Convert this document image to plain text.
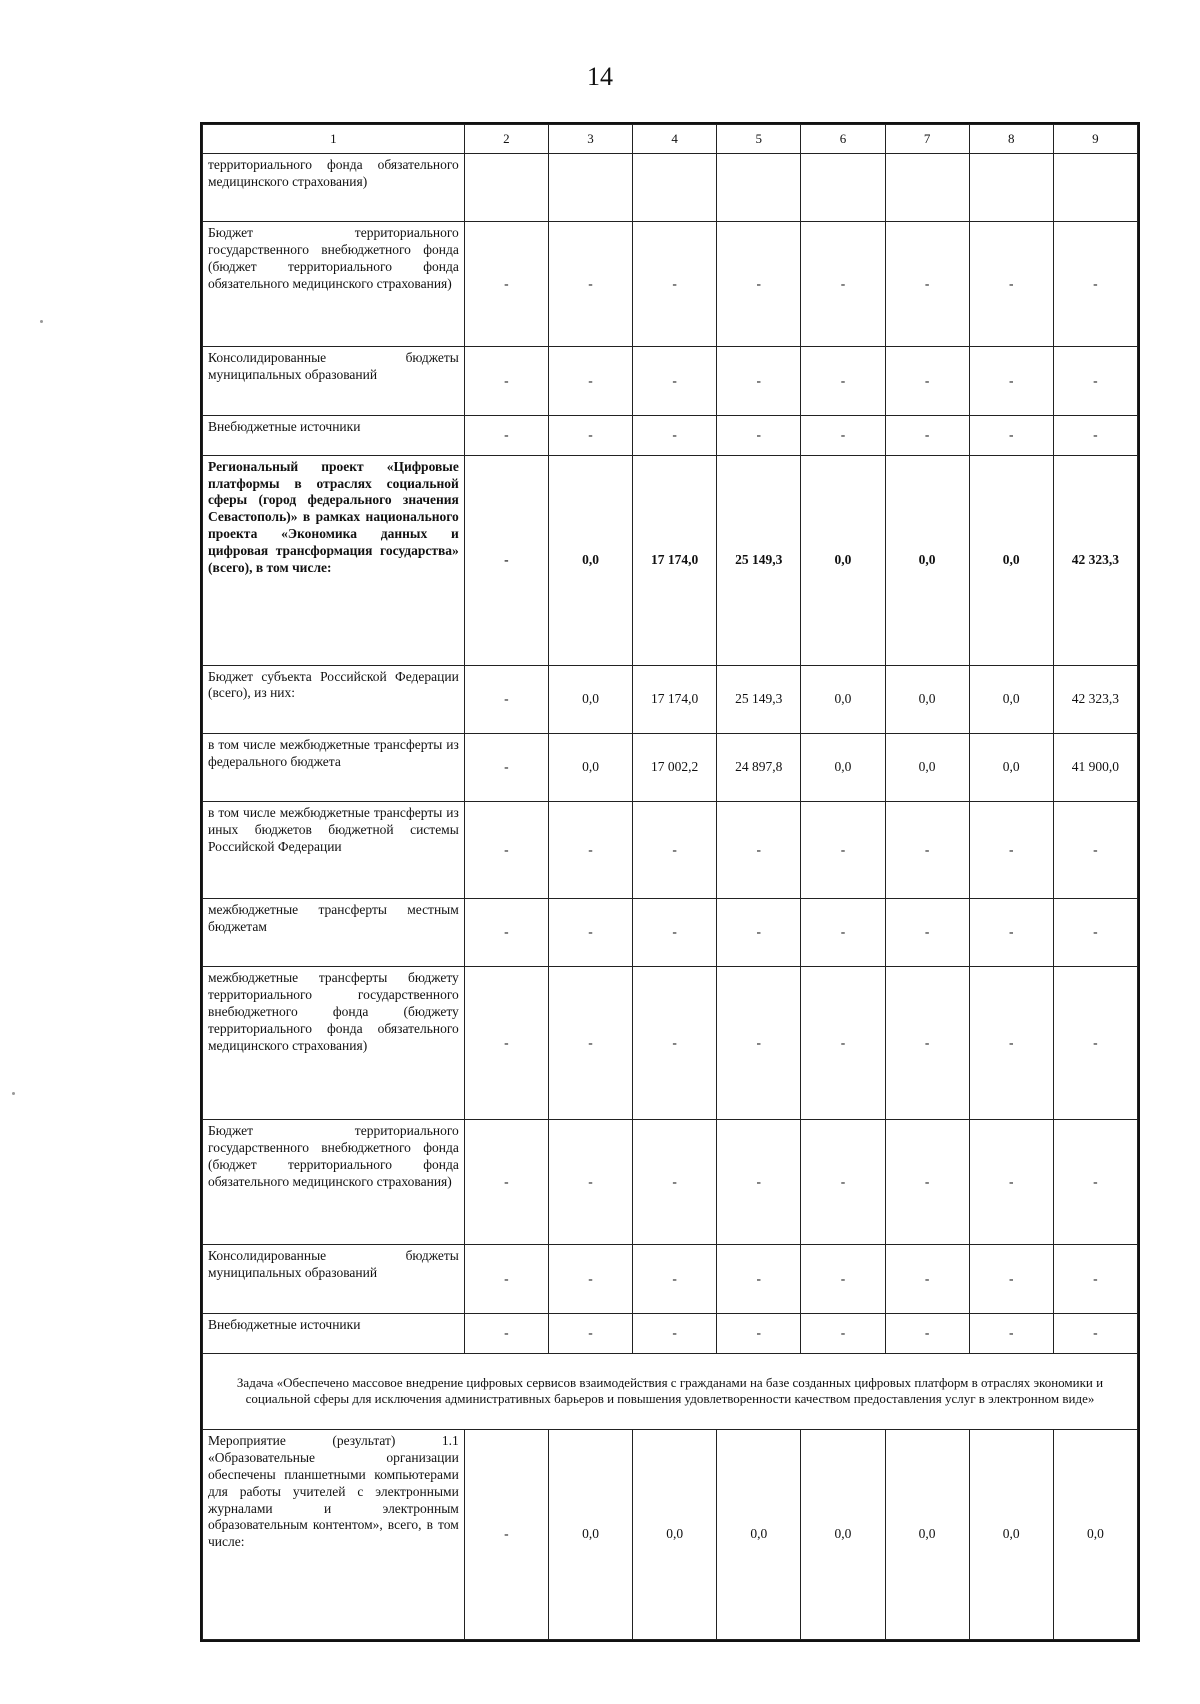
14
1	2	3	4	5	6	7	8	9
территориального фонда обязательного медицинского страхования)								
Бюджет территориального государственного внебюджетного фонда (бюджет территориального фонда обязательного медицинского страхования)	-	-	-	-	-	-	-	-
Консолидированные бюджеты муниципальных образований	-	-	-	-	-	-	-	-
Внебюджетные источники	-	-	-	-	-	-	-	-
Региональный проект «Цифровые платформы в отраслях социальной сферы (город федерального значения Севастополь)» в рамках национального проекта «Экономика данных и цифровая трансформация государства» (всего), в том числе:	-	0,0	17 174,0	25 149,3	0,0	0,0	0,0	42 323,3
Бюджет субъекта Российской Федерации (всего), из них:	-	0,0	17 174,0	25 149,3	0,0	0,0	0,0	42 323,3
в том числе межбюджетные трансферты из федерального бюджета	-	0,0	17 002,2	24 897,8	0,0	0,0	0,0	41 900,0
в том числе межбюджетные трансферты из иных бюджетов бюджетной системы Российской Федерации	-	-	-	-	-	-	-	-
межбюджетные трансферты местным бюджетам	-	-	-	-	-	-	-	-
межбюджетные трансферты бюджету территориального государственного внебюджетного фонда (бюджету территориального фонда обязательного медицинского страхования)	-	-	-	-	-	-	-	-
Бюджет территориального государственного внебюджетного фонда (бюджет территориального фонда обязательного медицинского страхования)	-	-	-	-	-	-	-	-
Консолидированные бюджеты муниципальных образований	-	-	-	-	-	-	-	-
Внебюджетные источники	-	-	-	-	-	-	-	-
Задача «Обеспечено массовое внедрение цифровых сервисов взаимодействия с гражданами на базе созданных цифровых платформ в отраслях экономики и социальной сферы для исключения административных барьеров и повышения удовлетворенности качеством предоставления услуг в электронном виде»								
Мероприятие (результат) 1.1 «Образовательные организации обеспечены планшетными компьютерами для работы учителей с электронными журналами и электронным образовательным контентом», всего, в том числе:	-	0,0	0,0	0,0	0,0	0,0	0,0	0,0
